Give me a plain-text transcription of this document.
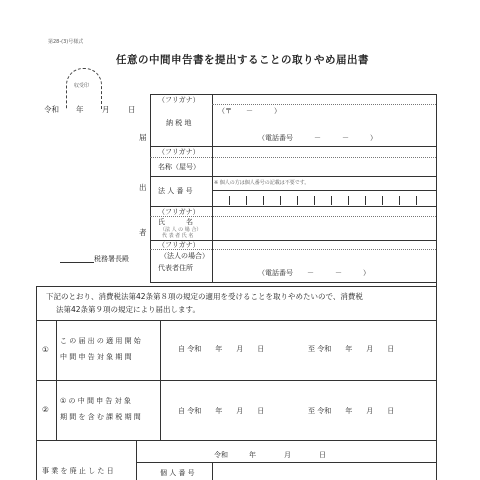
第28-(3)号様式
任意の中間申告書を提出することの取りやめ届出書
収受印
令和 年 月 日
届
出
者
（フリガナ）
納 税 地
（〒　　－　　　）
（電話番号　　　－　　　－　　　）
（フリガナ）
名称（屋号）
法 人 番 号
※ 個人の方は個人番号の記載は不要です。
（フリガナ）
氏　　　名
（法 人 の 場 合）
代 表 者 氏 名
（フリガナ）
（法人の場合）
代表者住所
（電話番号　　－　　　－　　　）
税務署長殿
下記のとおり、消費税法第42条第８項の規定の適用を受けることを取りやめたいので、消費税
法第42条第９項の規定により届出します。
①
こ の 届 出 の 適 用 開 始
中 間 申 告 対 象 期 間
自 令和　　年　　月　　日	至 令和　　年　　月　　日
②
① の 中 間 申 告 対 象
期 間 を 含 む 課 税 期 間
自 令和　　年　　月　　日	至 令和　　年　　月　　日
事 業 を 廃 止 し た 日
令和　　　年　　　　月　　　　日
個 人 番 号
